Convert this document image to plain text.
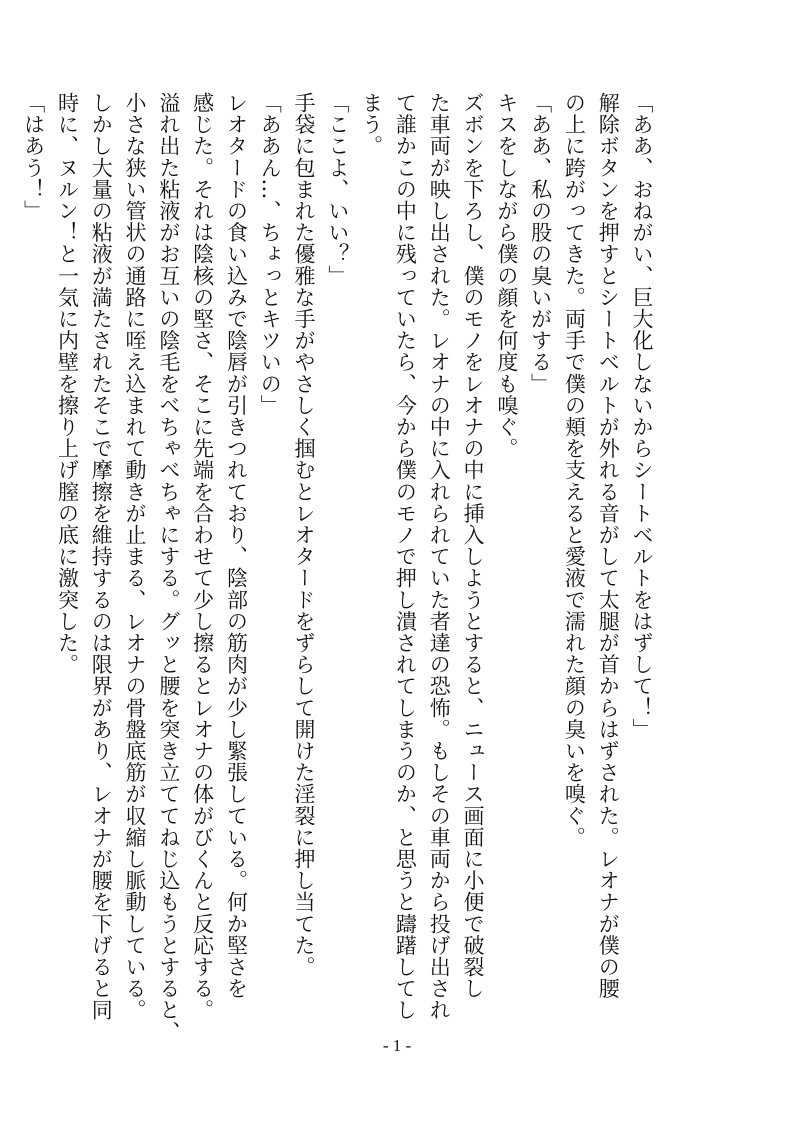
「ああ、おねがい、巨大化しないからシートベルトをはずして！」
解除ボタンを押すとシートベルトが外れる音がして太腿が首からはずされた。レオナが僕の腰
の上に跨がってきた。両手で僕の頬を支えると愛液で濡れた顔の臭いを嗅ぐ。
「ああ、私の股の臭いがする」
キスをしながら僕の顔を何度も嗅ぐ。
ズボンを下ろし、僕のモノをレオナの中に挿入しようとすると、ニュース画面に小便で破裂し
た車両が映し出された。レオナの中に入れられていた者達の恐怖。もしその車両から投げ出され
て誰かこの中に残っていたら、今から僕のモノで押し潰されてしまうのか、と思うと躊躇してし
まう。
「ここよ、いい？」
手袋に包まれた優雅な手がやさしく掴むとレオタードをずらして開けた淫裂に押し当てた。
「ああん…、ちょっとキツいの」
レオタードの食い込みで陰唇が引きつれており、陰部の筋肉が少し緊張している。何か堅さを
感じた。それは陰核の堅さ、そこに先端を合わせて少し擦るとレオナの体がびくんと反応する。
溢れ出た粘液がお互いの陰毛をべちゃべちゃにする。グッと腰を突き立ててねじ込もうとすると、
小さな狭い管状の通路に咥え込まれて動きが止まる、レオナの骨盤底筋が収縮し脈動している。
しかし大量の粘液が満たされたそこで摩擦を維持するのは限界があり、レオナが腰を下げると同
時に、ヌルン！と一気に内壁を擦り上げ膣の底に激突した。
「はあう！」
- 1 -
